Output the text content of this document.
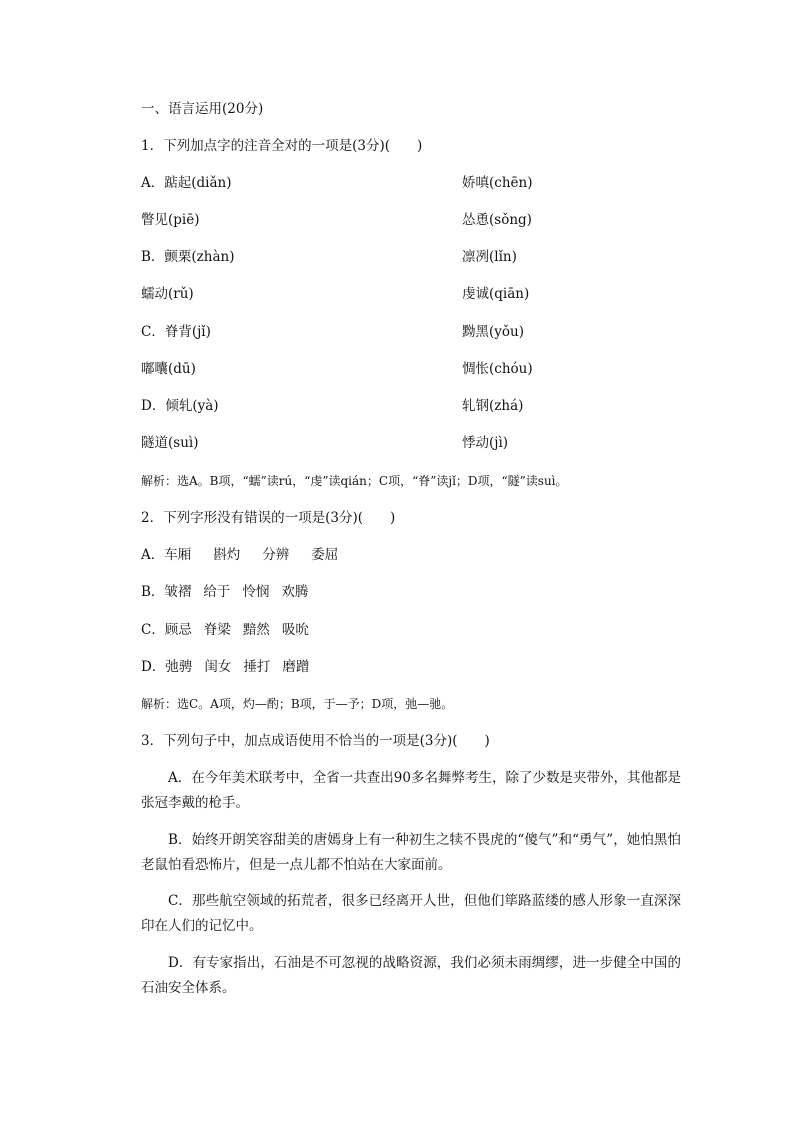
一、语言运用(20分)
1．下列加点字的注音全对的一项是(3分)(　　)
A．踮起(diǎn)	娇嗔(chēn)
瞥见(piē)	怂恿(sǒng)
B．颤栗(zhàn)	凛冽(lǐn)
蠕动(rǔ)	虔诚(qiān)
C．脊背(jǐ)	黝黑(yǒu)
嘟囔(dū)	惆怅(chóu)
D．倾轧(yà)	轧钢(zhá)
隧道(suì)	悸动(jì)
解析：选A。B项，“蠕”读rú，“虔”读qián；C项，“脊”读jǐ；D项，“隧”读suì。
2．下列字形没有错误的一项是(3分)(　　)
A．车厢 斟灼 分辨 委屈
B．皱褶 给于 怜悯 欢腾
C．顾忌 脊梁 黯然 吸吮
D．弛骋 闺女 捶打 磨蹭
解析：选C。A项，灼—酌；B项，于—予；D项，弛—驰。
3．下列句子中，加点成语使用不恰当的一项是(3分)(　　)
A．在今年美术联考中，全省一共查出90多名舞弊考生，除了少数是夹带外，其他都是张冠李戴的枪手。
B．始终开朗笑容甜美的唐嫣身上有一种初生之犊不畏虎的“傻气”和“勇气”，她怕黑怕老鼠怕看恐怖片，但是一点儿都不怕站在大家面前。
C．那些航空领域的拓荒者，很多已经离开人世，但他们筚路蓝缕的感人形象一直深深印在人们的记忆中。
D．有专家指出，石油是不可忽视的战略资源，我们必须未雨绸缪，进一步健全中国的石油安全体系。
